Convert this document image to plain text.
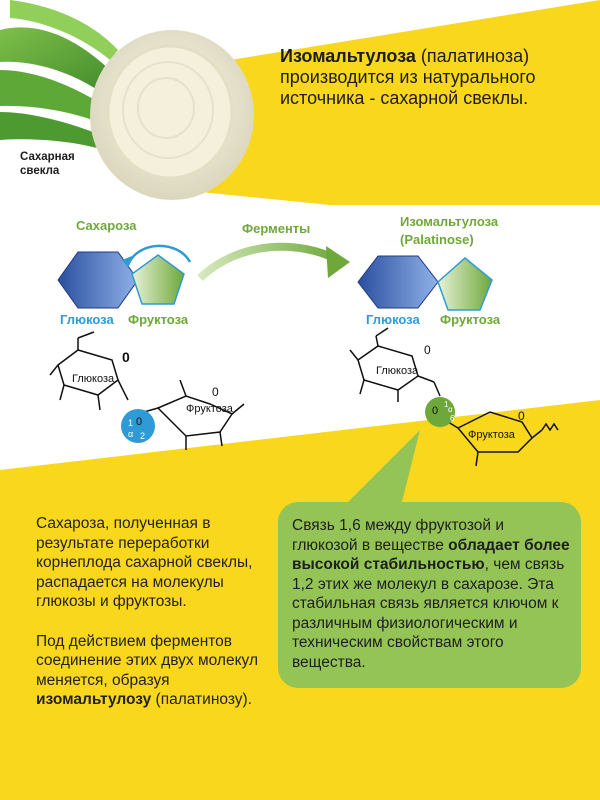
Изомальтулоза (палатиноза) производится из натурального источника - сахарной свеклы.
Сахарная свекла
Сахароза	Ферменты	Изомальтулоза
(Palatinose)
Глюкоза Фруктоза	Глюкоза Фруктоза
0
0
Глюкоза
Фруктоза
1 0
α 2
0
0
Глюкоза
Фруктоза
0
1
α
6

Сахароза, полученная в результате переработки корнеплода сахарной свеклы, распадается на молекулы глюкозы и фруктозы.

Под действием ферментов соединение этих двух молекул меняется, образуя изомальтулозу (палатинозу).

Связь 1,6 между фруктозой и глюкозой в веществе обладает более высокой стабильностью, чем связь 1,2 этих же молекул в сахарозе. Эта стабильная связь является ключом к различным физиологическим и техническим свойствам этого вещества.
